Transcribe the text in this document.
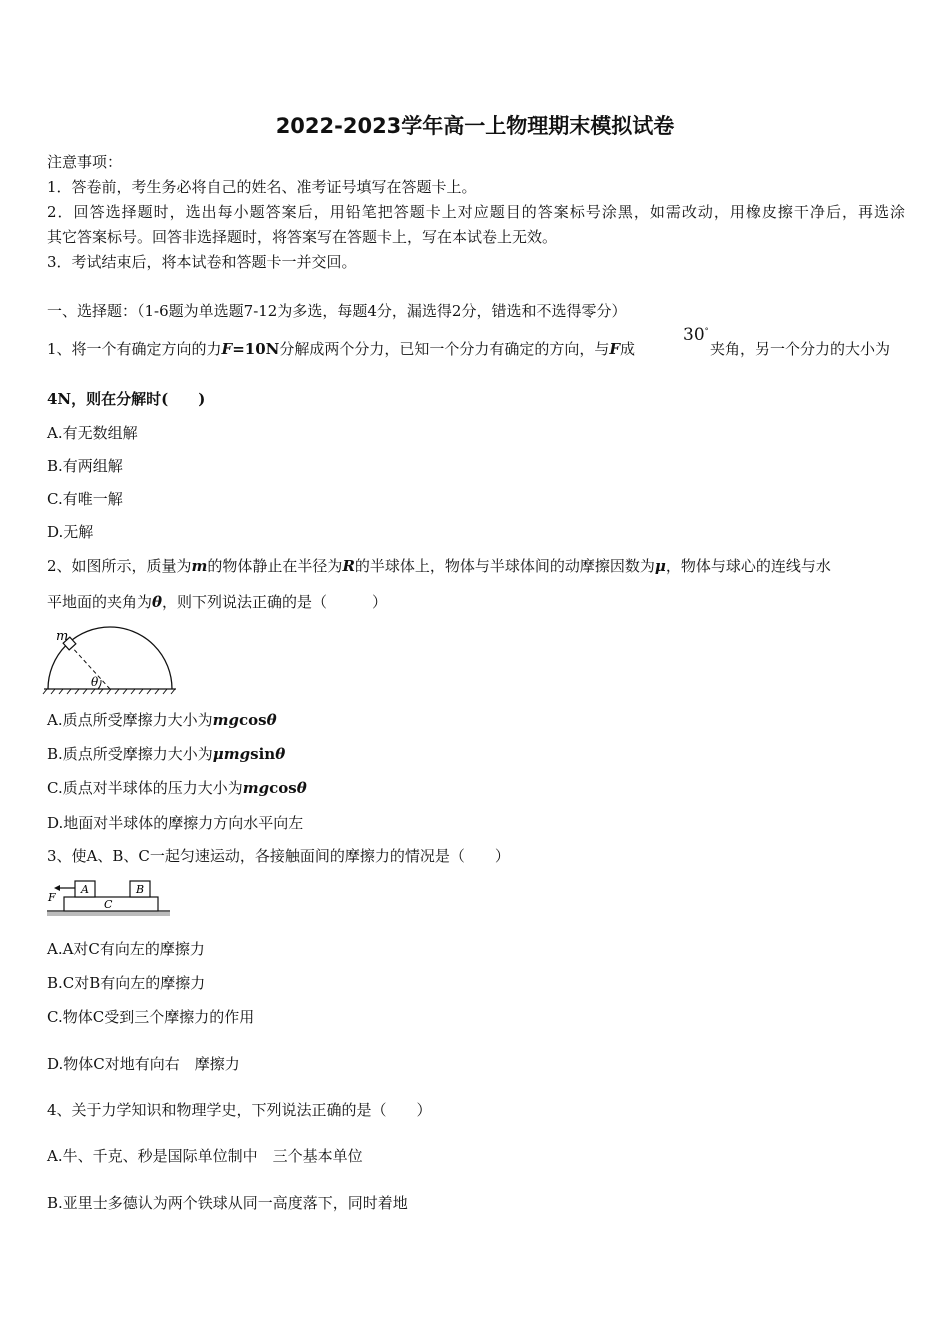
2022-2023学年高一上物理期末模拟试卷
注意事项：
1．答卷前，考生务必将自己的姓名、准考证号填写在答题卡上。
2．回答选择题时，选出每小题答案后，用铅笔把答题卡上对应题目的答案标号涂黑，如需改动，用橡皮擦干净后，再选涂
其它答案标号。回答非选择题时，将答案写在答题卡上，写在本试卷上无效。
3．考试结束后，将本试卷和答题卡一并交回。
一、选择题：（1-6题为单选题7-12为多选，每题4分，漏选得2分，错选和不选得零分）
1、将一个有确定方向的力F=10N分解成两个分力，已知一个分力有确定的方向，与F成
30°
夹角，另一个分力的大小为
4N，则在分解时(　　)
A.有无数组解
B.有两组解
C.有唯一解
D.无解
2、如图所示，质量为m的物体静止在半径为R的半球体上，物体与半球体间的动摩擦因数为μ，物体与球心的连线与水
平地面的夹角为θ，则下列说法正确的是（　　　）
m
θ
A.质点所受摩擦力大小为mgcosθ
B.质点所受摩擦力大小为μmgsinθ
C.质点对半球体的压力大小为mgcosθ
D.地面对半球体的摩擦力方向水平向左
3、使A、B、C一起匀速运动，各接触面间的摩擦力的情况是（　　）
A	B
C
F
A.A对C有向左的摩擦力
B.C对B有向左的摩擦力
C.物体C受到三个摩擦力的作用
D.物体C对地有向右　摩擦力
4、关于力学知识和物理学史，下列说法正确的是（　　）
A.牛、千克、秒是国际单位制中　三个基本单位
B.亚里士多德认为两个铁球从同一高度落下，同时着地
